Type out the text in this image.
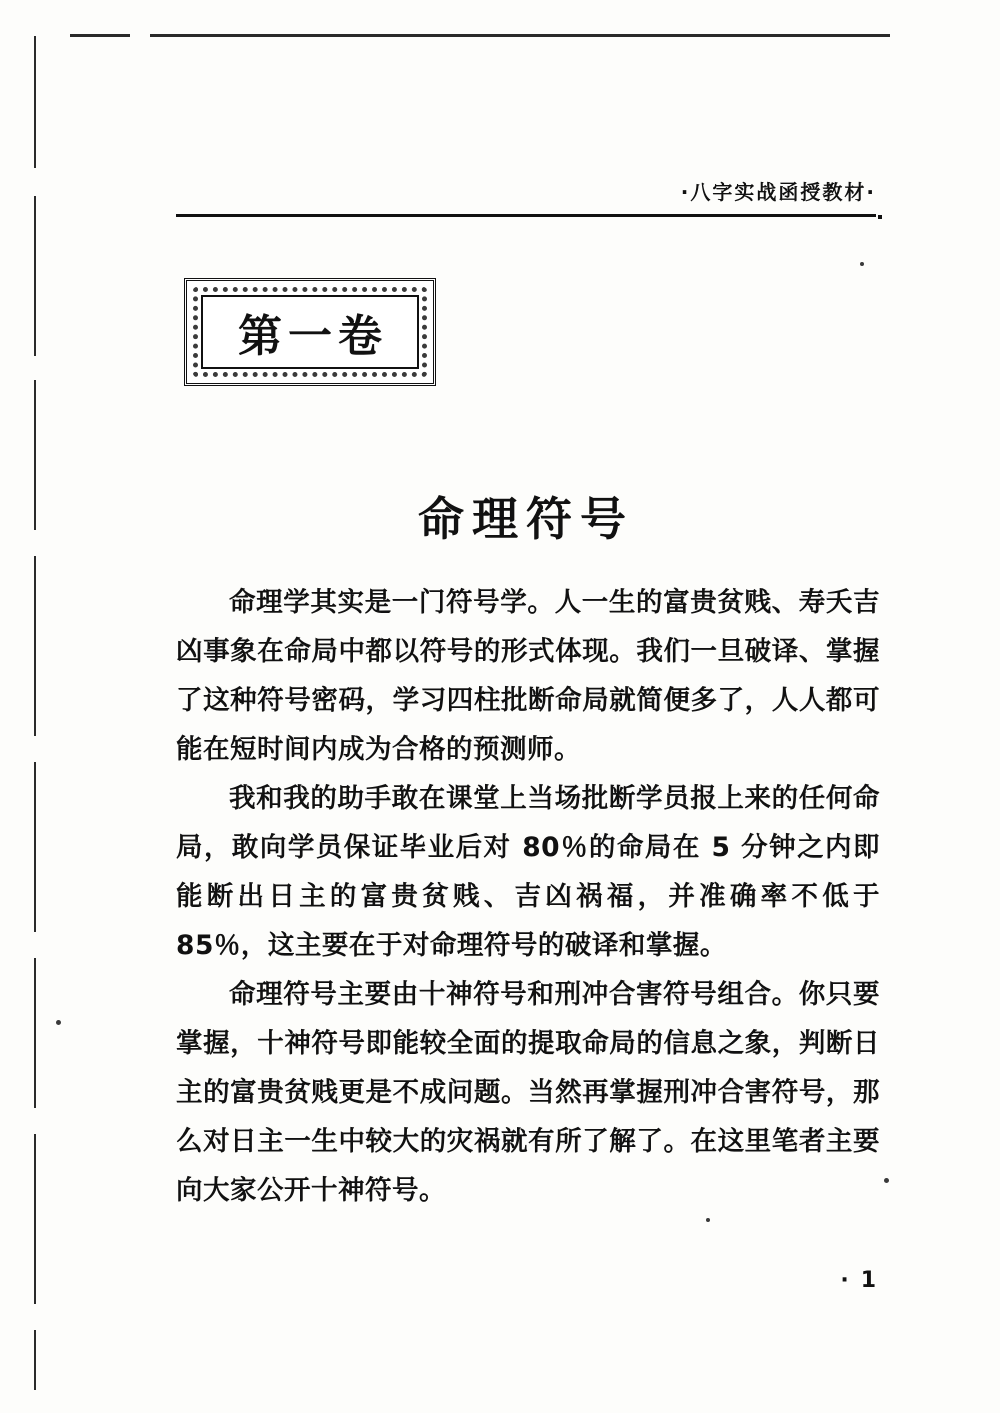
·八字实战函授教材·
第一卷
命理符号

命理学其实是一门符号学。人一生的富贵贫贱、寿夭吉凶事象在命局中都以符号的形式体现。我们一旦破译、掌握了这种符号密码，学习四柱批断命局就简便多了，人人都可能在短时间内成为合格的预测师。

我和我的助手敢在课堂上当场批断学员报上来的任何命局，敢向学员保证毕业后对 80％的命局在 5 分钟之内即能断出日主的富贵贫贱、吉凶祸福，并准确率不低于 85％，这主要在于对命理符号的破译和掌握。

命理符号主要由十神符号和刑冲合害符号组合。你只要掌握，十神符号即能较全面的提取命局的信息之象，判断日主的富贵贫贱更是不成问题。当然再掌握刑冲合害符号，那么对日主一生中较大的灾祸就有所了解了。在这里笔者主要向大家公开十神符号。

· 1
